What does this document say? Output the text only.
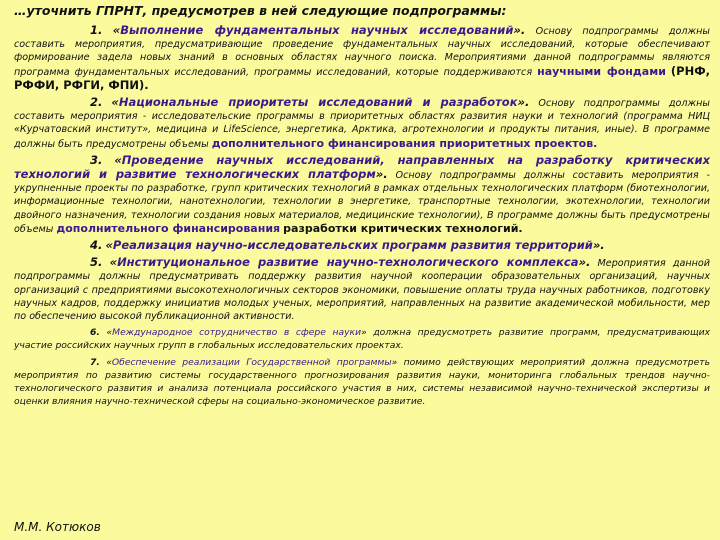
…уточнить ГПРНТ, предусмотрев в ней следующие подпрограммы:
1. «Выполнение фундаментальных научных исследований». Основу подпрограммы должны составить мероприятия, предусматривающие проведение фундаментальных научных исследований, которые обеспечивают формирование задела новых знаний в основных областях научного поиска. Мероприятиями данной подпрограммы являются программа фундаментальных исследований, программы исследований, которые поддерживаются научными фондами (РНФ, РФФИ, РФГИ, ФПИ).
2. «Национальные приоритеты исследований и разработок». Основу подпрограммы должны составить мероприятия - исследовательские программы в приоритетных областях развития науки и технологий (программа НИЦ «Курчатовский институт», медицина и LifeScience, энергетика, Арктика, агротехнологии и продукты питания, иные). В программе должны быть предусмотрены объемы дополнительного финансирования приоритетных проектов.
3. «Проведение научных исследований, направленных на разработку критических технологий и развитие технологических платформ». Основу подпрограммы должны составить мероприятия - укрупненные проекты по разработке, групп критических технологий в рамках отдельных технологических платформ (биотехнологии, информационные технологии, нанотехнологии, технологии в энергетике, транспортные технологии, экотехнологии, технологии двойного назначения, технологии создания новых материалов, медицинские технологии), В программе должны быть предусмотрены объемы дополнительного финансирования разработки критических технологий.
4. «Реализация научно-исследовательских программ развития территорий».
5. «Институциональное развитие научно-технологического комплекса». Мероприятия данной подпрограммы должны предусматривать поддержку развития научной кооперации образовательных организаций, научных организаций с предприятиями высокотехнологичных секторов экономики, повышение оплаты труда научных работников, подготовку научных кадров, поддержку инициатив молодых ученых, мероприятий, направленных на развитие академической мобильности, мер по обеспечению высокой публикационной активности.
6. «Международное сотрудничество в сфере науки» должна предусмотреть развитие программ, предусматривающих участие российских научных групп в глобальных исследовательских проектах.
7. «Обеспечение реализации Государственной программы» помимо действующих мероприятий должна предусмотреть мероприятия по развитию системы государственного прогнозирования развития науки, мониторинга глобальных трендов научно-технологического развития и анализа потенциала российского участия в них, системы независимой научно-технической экспертизы и оценки влияния научно-технической сферы на социально-экономическое развитие.
М.М. Котюков
